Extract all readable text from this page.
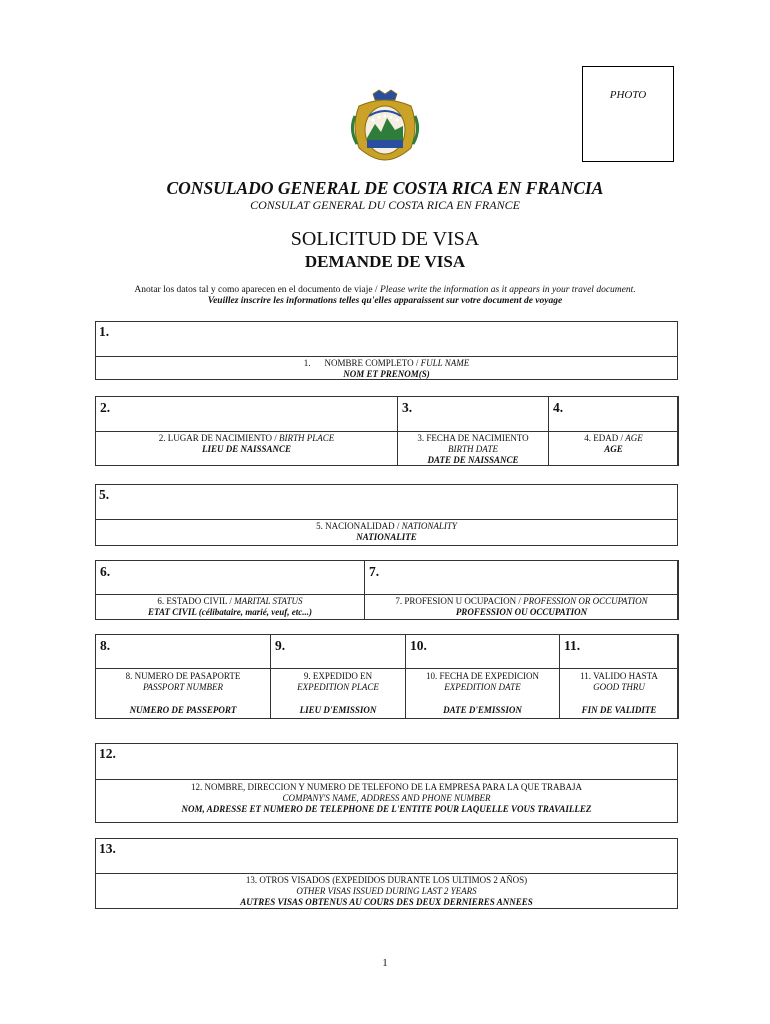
PHOTO
CONSULADO GENERAL DE COSTA RICA EN FRANCIA
CONSULAT GENERAL DU COSTA RICA EN FRANCE
SOLICITUD DE VISA
DEMANDE DE VISA
Anotar los datos tal y como aparecen en el documento de viaje / Please write the information as it appears in your travel document.
Veuillez inscrire les informations telles qu'elles apparaissent sur votre document de voyage
1.
1. NOMBRE COMPLETO / FULL NAME
NOM ET PRENOM(S)
2.	3.	4.
2. LUGAR DE NACIMIENTO / BIRTH PLACE
LIEU DE NAISSANCE
3. FECHA DE NACIMIENTO
BIRTH DATE
DATE DE NAISSANCE
4. EDAD / AGE
AGE
5.
5. NACIONALIDAD / NATIONALITY
NATIONALITE
6.	7.
6. ESTADO CIVIL / MARITAL STATUS
ETAT CIVIL (célibataire, marié, veuf, etc...)
7. PROFESION U OCUPACION / PROFESSION OR OCCUPATION
PROFESSION OU OCCUPATION
8.	9.	10.	11.
8. NUMERO DE PASAPORTE
PASSPORT NUMBER
NUMERO DE PASSEPORT
9. EXPEDIDO EN
EXPEDITION PLACE
LIEU D'EMISSION
10. FECHA DE EXPEDICION
EXPEDITION DATE
DATE D'EMISSION
11. VALIDO HASTA
GOOD THRU
FIN DE VALIDITE
12.
12. NOMBRE, DIRECCION Y NUMERO DE TELEFONO DE LA EMPRESA PARA LA QUE TRABAJA
COMPANY'S NAME, ADDRESS AND PHONE NUMBER
NOM, ADRESSE ET NUMERO DE TELEPHONE DE L'ENTITE POUR LAQUELLE VOUS TRAVAILLEZ
13.
13. OTROS VISADOS (EXPEDIDOS DURANTE LOS ULTIMOS 2 AÑOS)
OTHER VISAS ISSUED DURING LAST 2 YEARS
AUTRES VISAS OBTENUS AU COURS DES DEUX DERNIERES ANNEES
1
